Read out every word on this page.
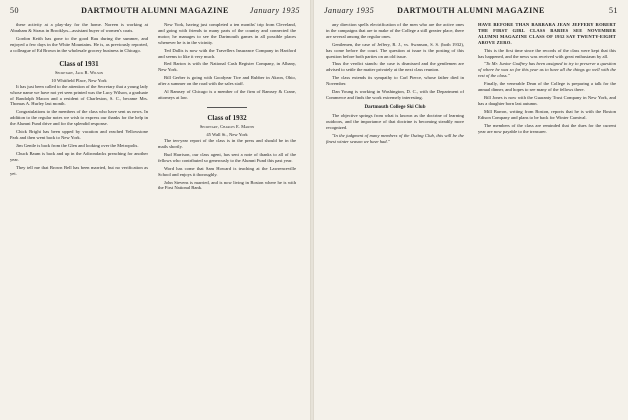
DARTMOUTH ALUMNI MAGAZINE
50	January 1935

these activity at a play-day for the home. Noreen is working at Abraham & Straus in Brooklyn—assistant buyer of women's coats.

Gordon Keith has gone to the good Rau during the summer, and enjoyed a few days in the White Mountains. He is, as previously reported, a colleague of Ed Brown in the wholesale grocery business in Chicago.

Class of 1931
Secretary, Jack R. Wilson
10 Whitfield Place, New York

It has just been called to the attention of the Secretary that a young lady whose name we have not yet seen printed was the Lucy Wilson, a graduate of Randolph Macon and a resident of Charleston, S. C., became Mrs. Thomas A. Hurley last month.

Congratulations to the members of the class who have sent us news. In addition to the regular notes we wish to express our thanks for the help in the Alumni Fund drive and for the splendid response.

Chick Bright has been upped by vacation and reached Yellowstone Park and then went back to New York.

Jim Gentle is back from the Glen and looking over the Metropolis.

Chuck Baum is back and up in the Adirondacks preaching for another year.

They tell me that Brown Bell has been married, but no verification as yet.

New York, having just completed a ten months' trip from Cleveland, and going with friends to many parts of the country and connected the motor; he manages to see the Dartmouth games in all possible places whenever he is in the vicinity.

Ted Dallis is now with the Travellers Insurance Company in Hartford and seems to like it very much.

Red Barton is with the National Cash Register Company, in Albany, New York.

Bill Gerber is going with Goodyear Tire and Rubber in Akron, Ohio, after a summer on the road with the sales staff.

Al Ramsey of Chicago is a member of the firm of Ramsey & Crane, attorneys at law.

Class of 1932
Secretary, Charles E. Martin
45 Wall St., New York

The ten-year report of the class is in the press and should be in the mails shortly.

Bud Harrison, our class agent, has sent a note of thanks to all of the fellows who contributed so generously to the Alumni Fund this past year.

Word has come that Sam Howard is teaching at the Lawrenceville School and enjoys it thoroughly.

John Stevens is married, and is now living in Boston where he is with the First National Bank.

January 1935	DARTMOUTH ALUMNI MAGAZINE	51

any direction spells electrification of the men who are the active ones in the campaigns that are to make of the College a still greater place, there are several among the regular ones.

Gentlemen, the case of Jeffery, R. J., vs. Swanson, S. S. (both 1932), has come before the court. The question at issue is the posting of this question before both parties on an old issue.

Thus the verdict stands: the case is dismissed and the gentlemen are advised to settle the matter privately at the next class reunion.

The class extends its sympathy to Carl Pierce, whose father died in November.

Dan Young is working in Washington, D. C., with the Department of Commerce and finds the work extremely interesting.

Dartmouth College Ski Club

The objective springs from what is known as the doctrine of learning outdoors, and the importance of that doctrine is becoming steadily more recognized.

"In the judgment of many members of the Outing Club, this will be the finest winter season we have had."

HAVE BEFORE THAN BARBARA JEAN JEFFERY ROBERT THE FIRST GIRL CLASS BABIES SEE NOVEMBER ALUMNI MAGAZINE CLASS OF 1932 SAY TWENTY-EIGHT ABOVE ZERO.

This is the first time since the records of the class were kept that this has happened, and the news was received with great enthusiasm by all.

"To Mr. Junior Godfrey has been assigned to try to preserve a question of where he was so far this year as to have all the things go well with the rest of the class."

Finally, the venerable Dean of the College is preparing a talk for the annual dinner, and hopes to see many of the fellows there.

Bill Jones is now with the Guaranty Trust Company in New York, and has a daughter born last autumn.

Mill Barron, writing from Boston, reports that he is with the Boston Edison Company and plans to be back for Winter Carnival.

The members of the class are reminded that the dues for the current year are now payable to the treasurer.
